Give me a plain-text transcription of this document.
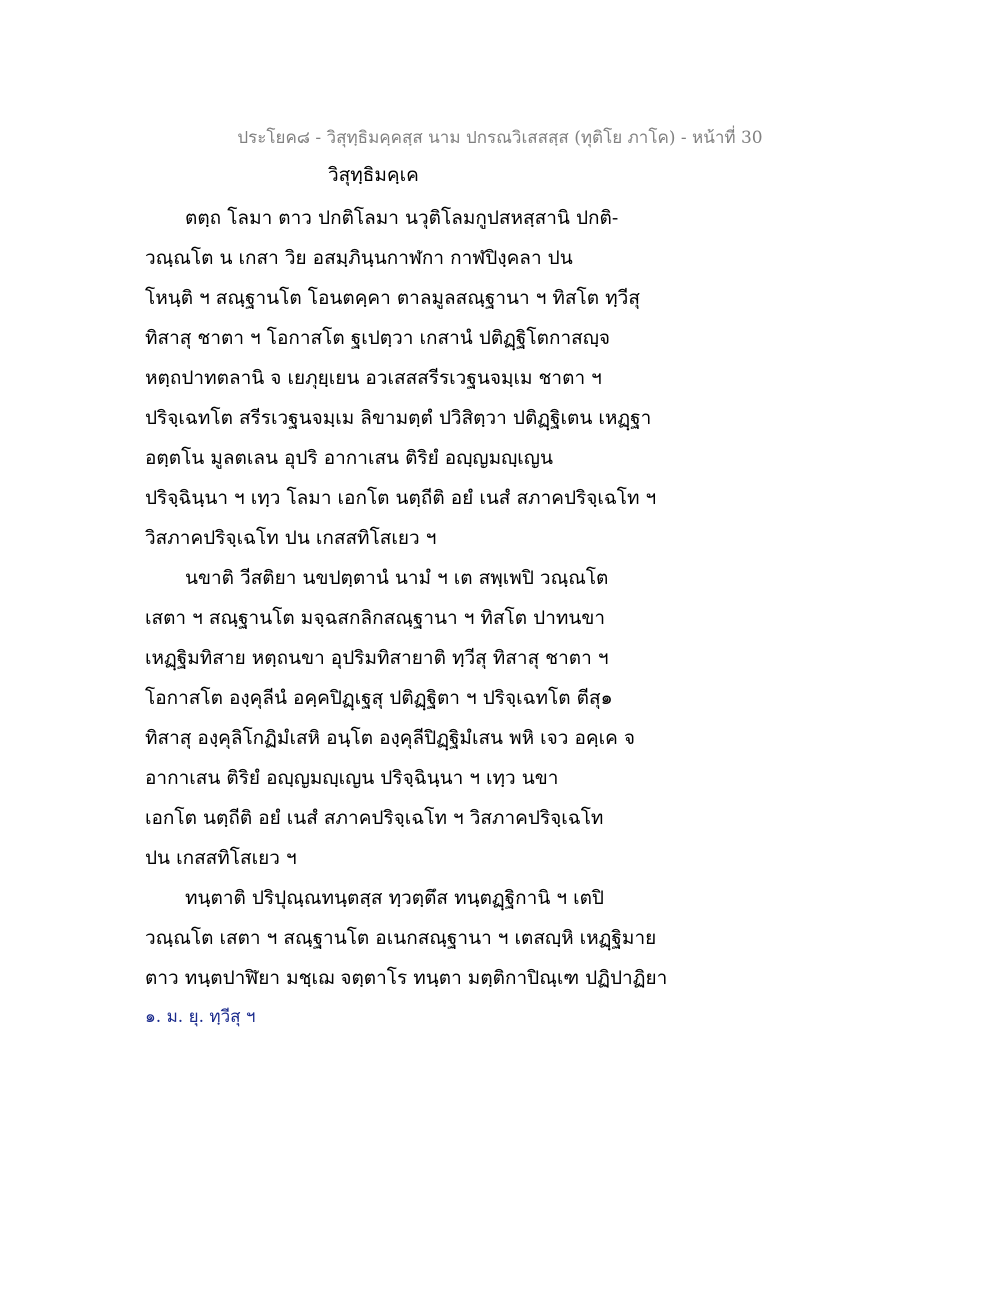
ประโยค๘ - วิสุทฺธิมคฺคสฺส นาม ปกรณวิเสสสฺส (ทุติโย ภาโค) - หน้าที่ 30
วิสุทฺธิมคฺเค
ตตฺถ โลมา ตาว ปกติโลมา นวุติโลมกูปสหสฺสานิ ปกติ-
วณฺณโต น เกสา วิย อสมฺภินฺนกาฬกา กาฬปิงฺคลา ปน
โหนฺติ ฯ สณฺฐานโต โอนตคฺคา ตาลมูลสณฺฐานา ฯ ทิสโต ทฺวีสุ
ทิสาสุ ชาตา ฯ โอกาสโต ฐเปตฺวา เกสานํ ปติฏฺฐิโตกาสญฺจ
หตฺถปาทตลานิ จ เยภุยฺเยน อวเสสสรีรเวฐนจมฺเม ชาตา ฯ
ปริจฺเฉทโต สรีรเวฐนจมฺเม ลิขามตฺตํ ปวิสิตฺวา ปติฏฺฐิเตน เหฏฺฐา
อตฺตโน มูลตเลน อุปริ อากาเสน ติริยํ อญฺญมญฺเญน
ปริจฺฉินฺนา ฯ เทฺว โลมา เอกโต นตฺถีติ อยํ เนสํ สภาคปริจฺเฉโท ฯ
วิสภาคปริจฺเฉโท ปน เกสสทิโสเยว ฯ
นขาติ วีสติยา นขปตฺตานํ นามํ ฯ เต สพฺเพปิ วณฺณโต
เสตา ฯ สณฺฐานโต มจฺฉสกลิกสณฺฐานา ฯ ทิสโต ปาทนขา
เหฏฺฐิมทิสาย หตฺถนขา อุปริมทิสายาติ ทฺวีสุ ทิสาสุ ชาตา ฯ
โอกาสโต องฺคุลีนํ อคฺคปิฏฺเฐสุ ปติฏฺฐิตา ฯ ปริจฺเฉทโต ตีสุ๑
ทิสาสุ องฺคุลิโกฏิมํเสหิ อนฺโต องฺคุลีปิฏฺฐิมํเสน พหิ เจว อคฺเค จ
อากาเสน ติริยํ อญฺญมญฺเญน ปริจฺฉินฺนา ฯ เทฺว นขา
เอกโต นตฺถีติ อยํ เนสํ สภาคปริจฺเฉโท ฯ วิสภาคปริจฺเฉโท
ปน เกสสทิโสเยว ฯ
ทนฺตาติ ปริปุณฺณทนฺตสฺส ทฺวตฺตึส ทนฺตฏฺฐิกานิ ฯ เตปิ
วณฺณโต เสตา ฯ สณฺฐานโต อเนกสณฺฐานา ฯ เตสญฺหิ เหฏฺฐิมาย
ตาว ทนฺตปาฬิยา มชฺเฌ จตฺตาโร ทนฺตา มตฺติกาปิณฺเฑ ปฏิปาฏิยา
๑. ม. ยุ. ทฺวีสุ ฯ
